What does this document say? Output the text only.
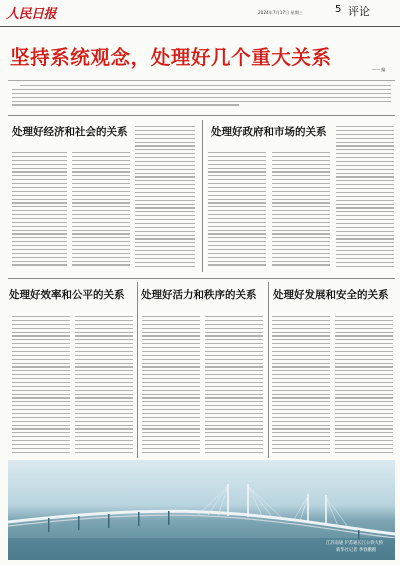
人民日报	2024年7月17日 星期三	5 评论
坚持系统观念，处理好几个重大关系
—— 编
处理好经济和社会的关系	处理好政府和市场的关系
处理好效率和公平的关系 处理好活力和秩序的关系 处理好发展和安全的关系
江苏南通 沪苏通长江公铁大桥
新华社记者 季春鹏摄
